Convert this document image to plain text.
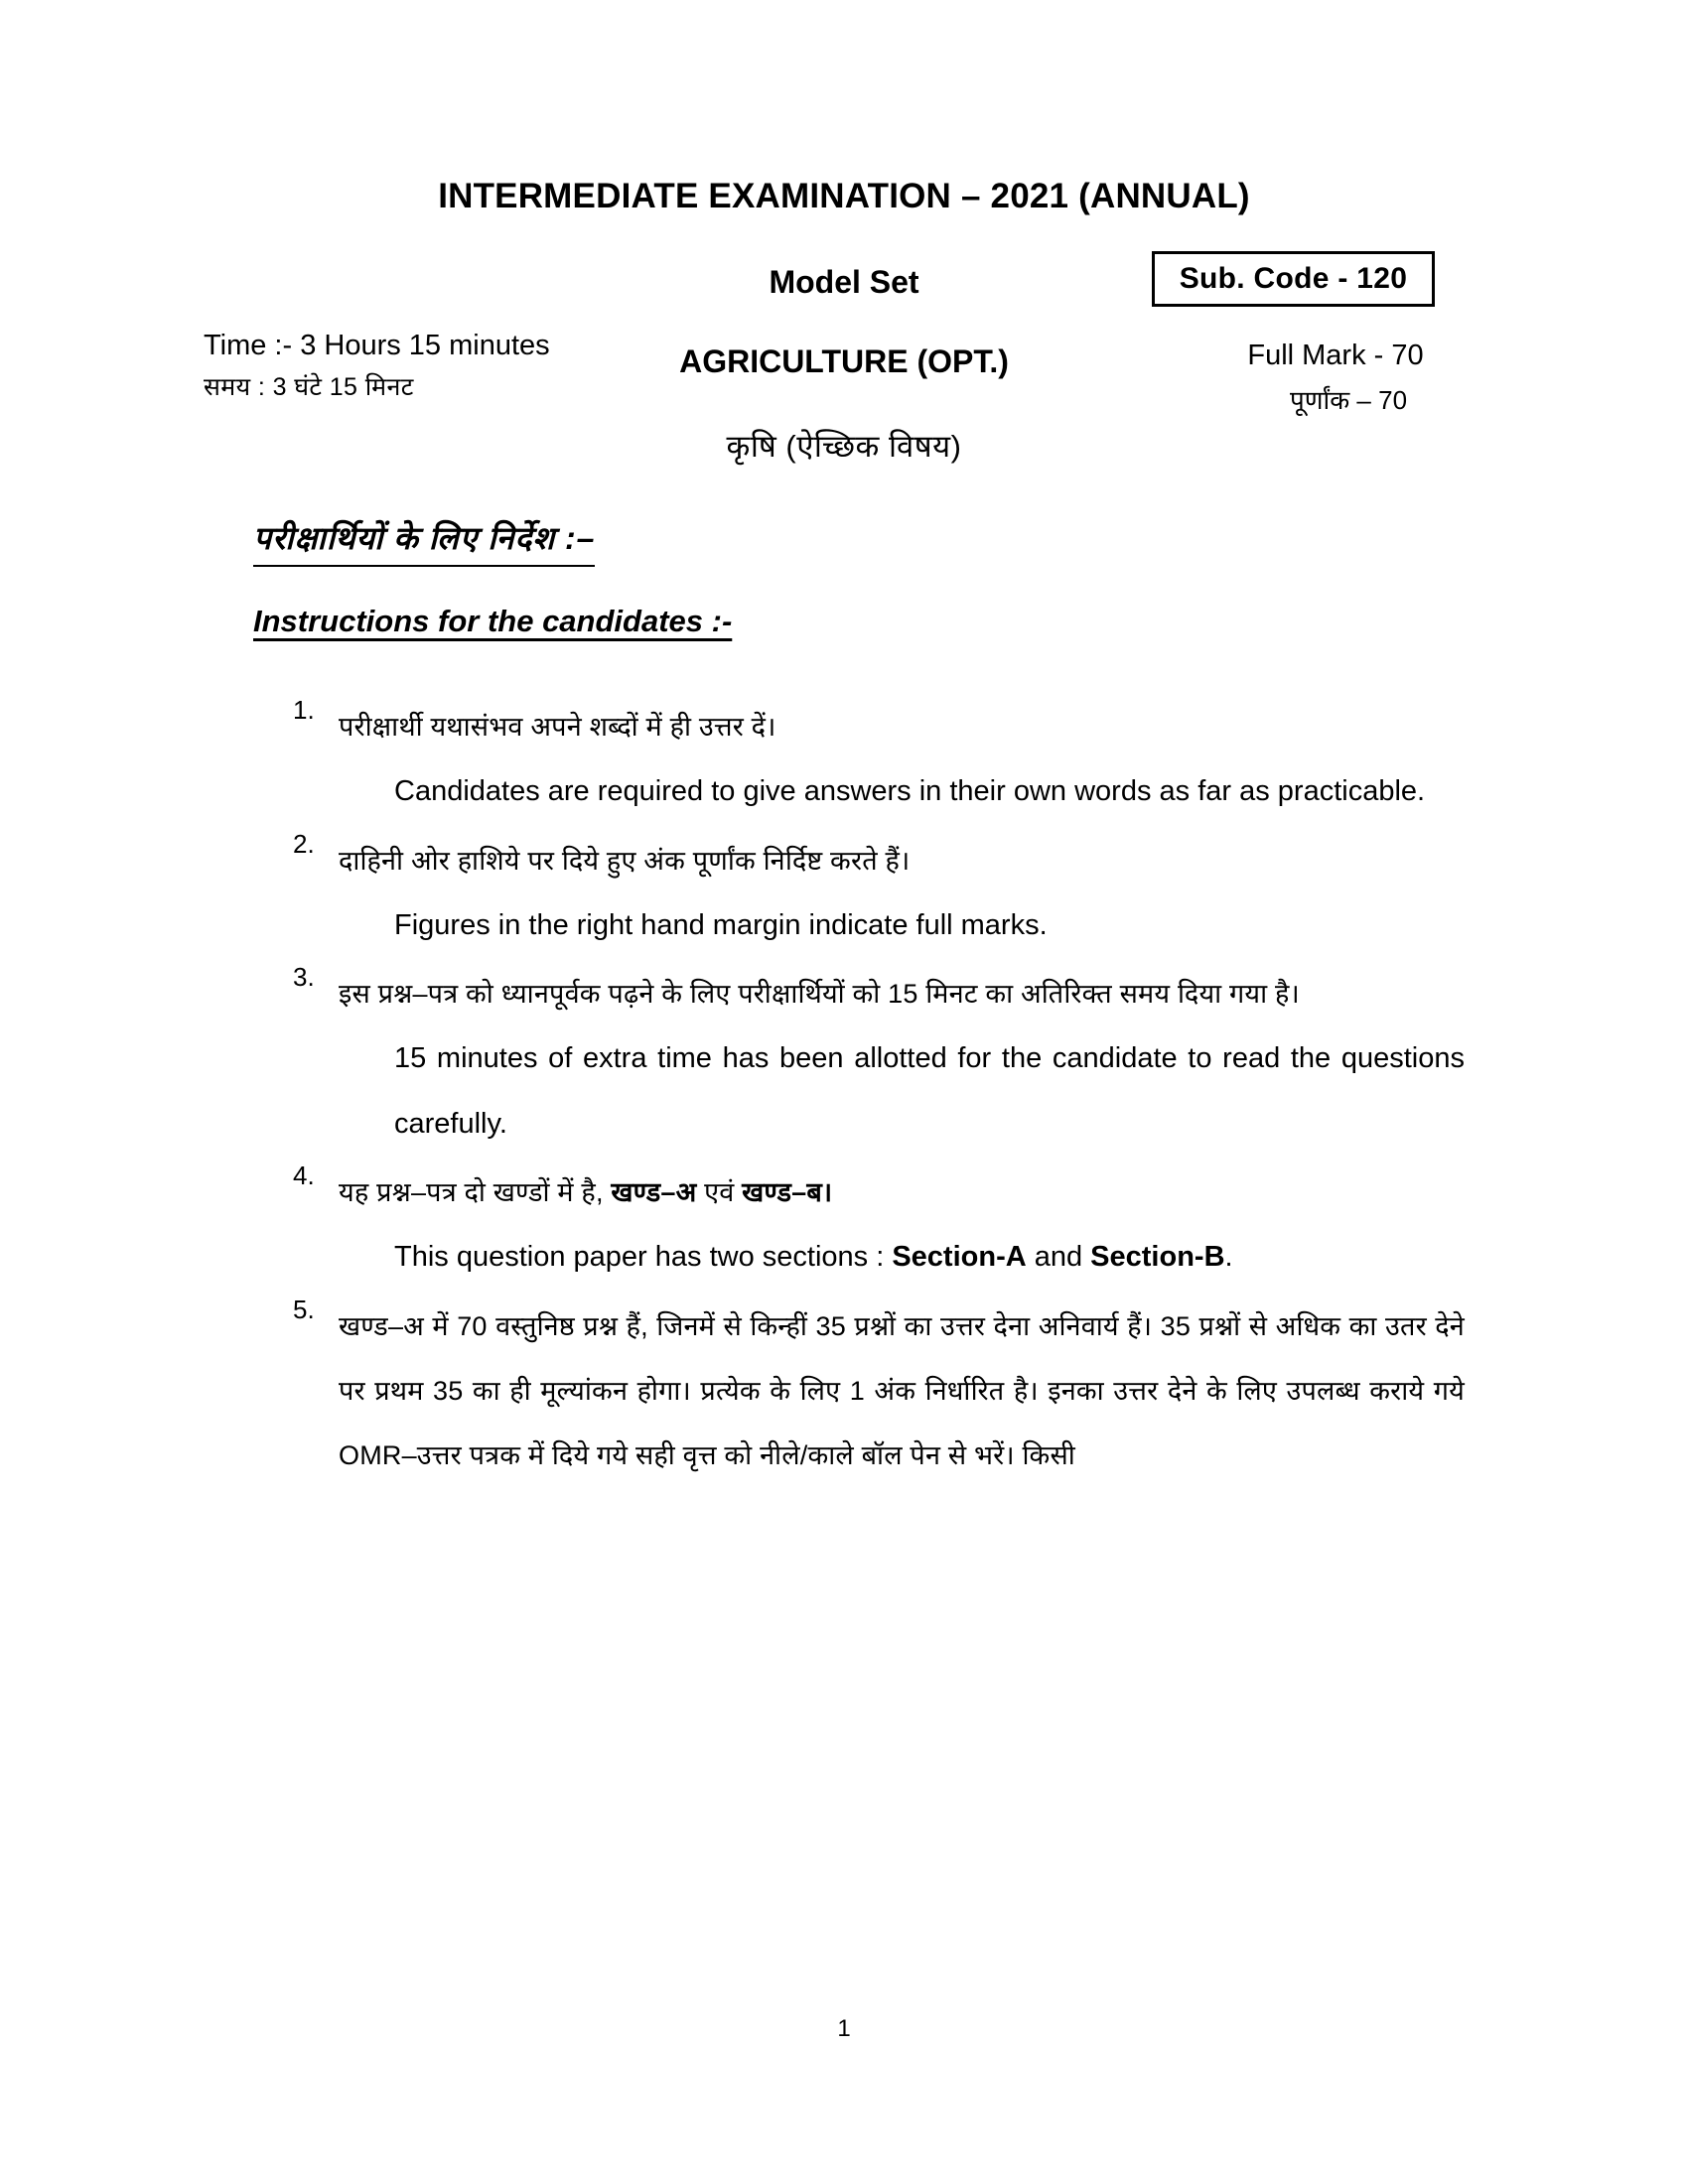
INTERMEDIATE EXAMINATION – 2021 (ANNUAL)
Model Set	Sub. Code - 120
Time :- 3 Hours 15 minutes
समय : 3 घंटे 15 मिनट
AGRICULTURE (OPT.)
कृषि (ऐच्छिक विषय)
Full Mark - 70
पूर्णांक – 70
परीक्षार्थियों के लिए निर्देश :–
Instructions for the candidates :-
1.
परीक्षार्थी यथासंभव अपने शब्दों में ही उत्तर दें।
Candidates are required to give answers in their own words as far as practicable.
2.
दाहिनी ओर हाशिये पर दिये हुए अंक पूर्णांक निर्दिष्ट करते हैं।
Figures in the right hand margin indicate full marks.
3.
इस प्रश्न–पत्र को ध्यानपूर्वक पढ़ने के लिए परीक्षार्थियों को 15 मिनट का अतिरिक्त समय दिया गया है।
15 minutes of extra time has been allotted for the candidate to read the questions carefully.
4.
यह प्रश्न–पत्र दो खण्डों में है, खण्ड–अ एवं खण्ड–ब।
This question paper has two sections : Section-A and Section-B.
5.
खण्ड–अ में 70 वस्तुनिष्ठ प्रश्न हैं, जिनमें से किन्हीं 35 प्रश्नों का उत्तर देना अनिवार्य हैं। 35 प्रश्नों से अधिक का उतर देने पर प्रथम 35 का ही मूल्यांकन होगा। प्रत्येक के लिए 1 अंक निर्धारित है। इनका उत्तर देने के लिए उपलब्ध कराये गये OMR–उत्तर पत्रक में दिये गये सही वृत्त को नीले/काले बॉल पेन से भरें। किसी
1
